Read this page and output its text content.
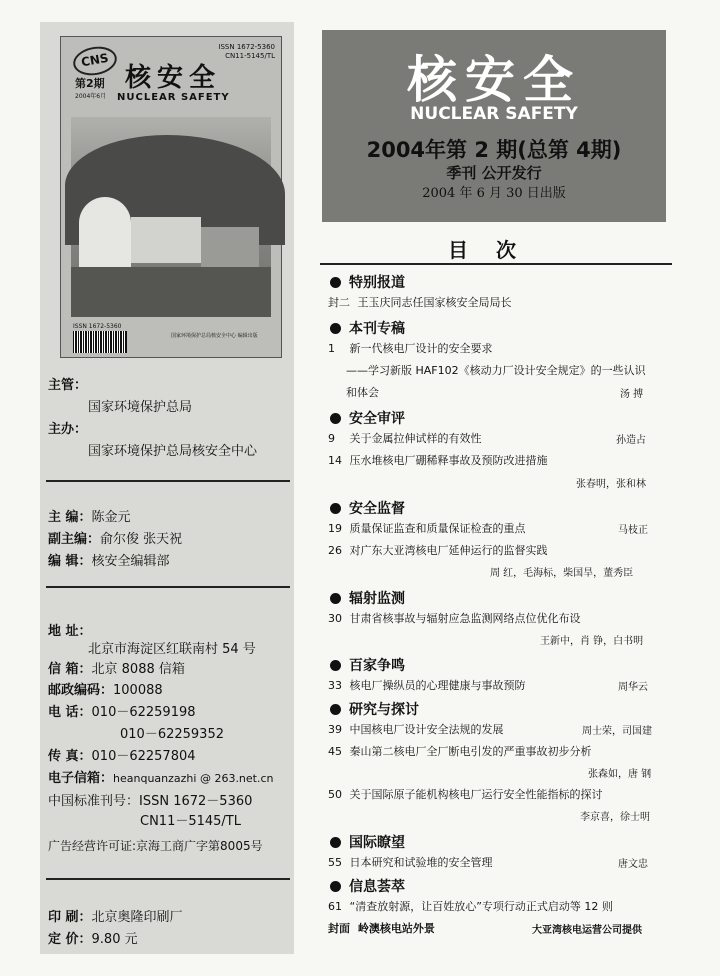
CNS
ISSN 1672-5360
CN11-5145/TL
第2期
2004年6月
核安全
NUCLEAR SAFETY
ISSN 1672-5360
国家环境保护总局核安全中心 编辑出版
主管：
国家环境保护总局
主办：
国家环境保护总局核安全中心
主 编：陈金元
副主编：俞尔俊 张天祝
编 辑：核安全编辑部
地 址：
北京市海淀区红联南村 54 号
信 箱：北京 8088 信箱
邮政编码：100088
电 话：010－62259198
010－62259352
传 真：010－62257804
电子信箱：heanquanzazhi @ 263.net.cn
中国标准刊号：ISSN 1672－5360
CN11－5145/TL
广告经营许可证:京海工商广字第8005号
印 刷：北京奥隆印刷厂
定 价：9.80 元
核安全
NUCLEAR SAFETY
2004年第 2 期(总第 4期)
季刊 公开发行
2004 年 6 月 30 日出版
目次
特别报道
封二 王玉庆同志任国家核安全局局长
本刊专稿
1 新一代核电厂设计的安全要求
——学习新版 HAF102《核动力厂设计安全规定》的一些认识
和体会	汤 搏
安全审评
9 关于金属拉伸试样的有效性	孙造占
14 压水堆核电厂硼稀释事故及预防改进措施
张春明，张和林
安全监督
19 质量保证监查和质量保证检查的重点	马枝正
26 对广东大亚湾核电厂延伸运行的监督实践
周 红，毛海标，柴国旱，董秀臣
辐射监测
30 甘肃省核事故与辐射应急监测网络点位优化布设
王新中，肖 铮，白书明
百家争鸣
33 核电厂操纵员的心理健康与事故预防	周华云
研究与探讨
39 中国核电厂设计安全法规的发展	周士荣，司国建
45 秦山第二核电厂全厂断电引发的严重事故初步分析
张森如，唐 钢
50 关于国际原子能机构核电厂运行安全性能指标的探讨
李京喜，徐士明
国际瞭望
55 日本研究和试验堆的安全管理	唐文忠
信息荟萃
61 “清查放射源，让百姓放心”专项行动正式启动等 12 则
封面 岭澳核电站外景	大亚湾核电运营公司提供
